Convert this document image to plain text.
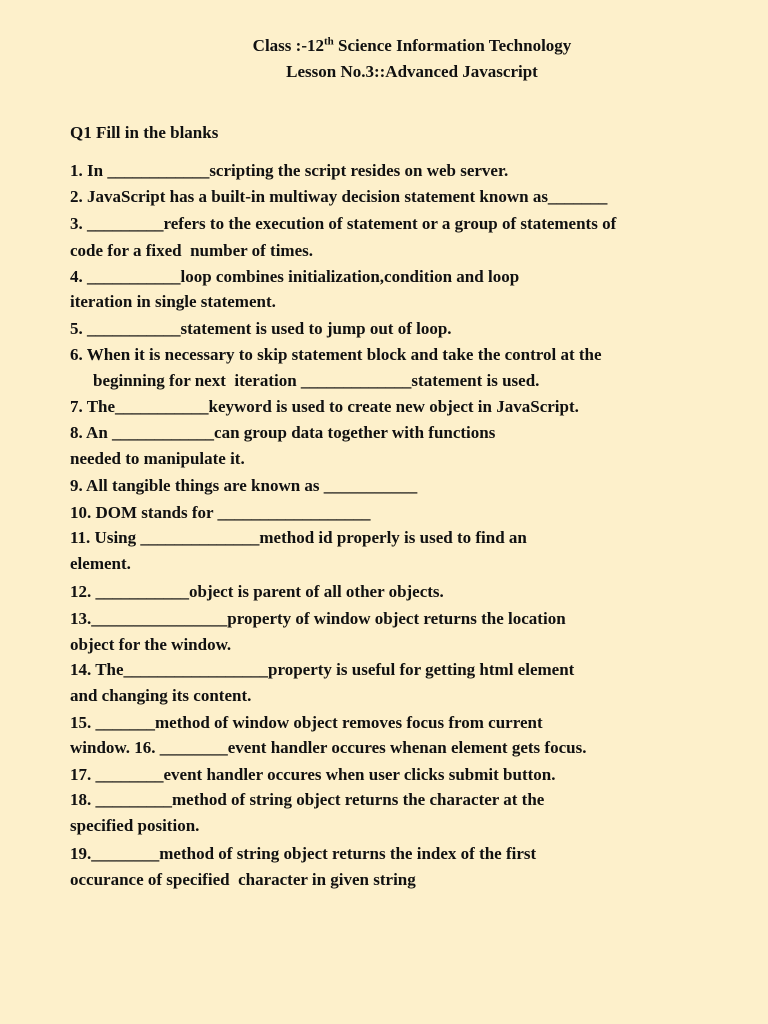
Class :-12th Science Information Technology
Lesson No.3::Advanced Javascript
Q1 Fill in the blanks
1. In ____________scripting the script resides on web server.
2. JavaScript has a built-in multiway decision statement known as_______
3. _________refers to the execution of statement or a group of statements of
code for a fixed  number of times.
4. ___________loop combines initialization,condition and loop
iteration in single statement.
5. ___________statement is used to jump out of loop.
6. When it is necessary to skip statement block and take the control at the
beginning for next  iteration _____________statement is used.
7. The___________keyword is used to create new object in JavaScript.
8. An ____________can group data together with functions
needed to manipulate it.
9. All tangible things are known as ___________
10. DOM stands for __________________
11. Using ______________method id properly is used to find an
element.
12. ___________object is parent of all other objects.
13.________________property of window object returns the location
object for the window.
14. The_________________property is useful for getting html element
and changing its content.
15. _______method of window object removes focus from current
window. 16. ________event handler occures whenan element gets focus.
17. ________event handler occures when user clicks submit button.
18. _________method of string object returns the character at the
specified position.
19.________method of string object returns the index of the first
occurance of specified  character in given string
